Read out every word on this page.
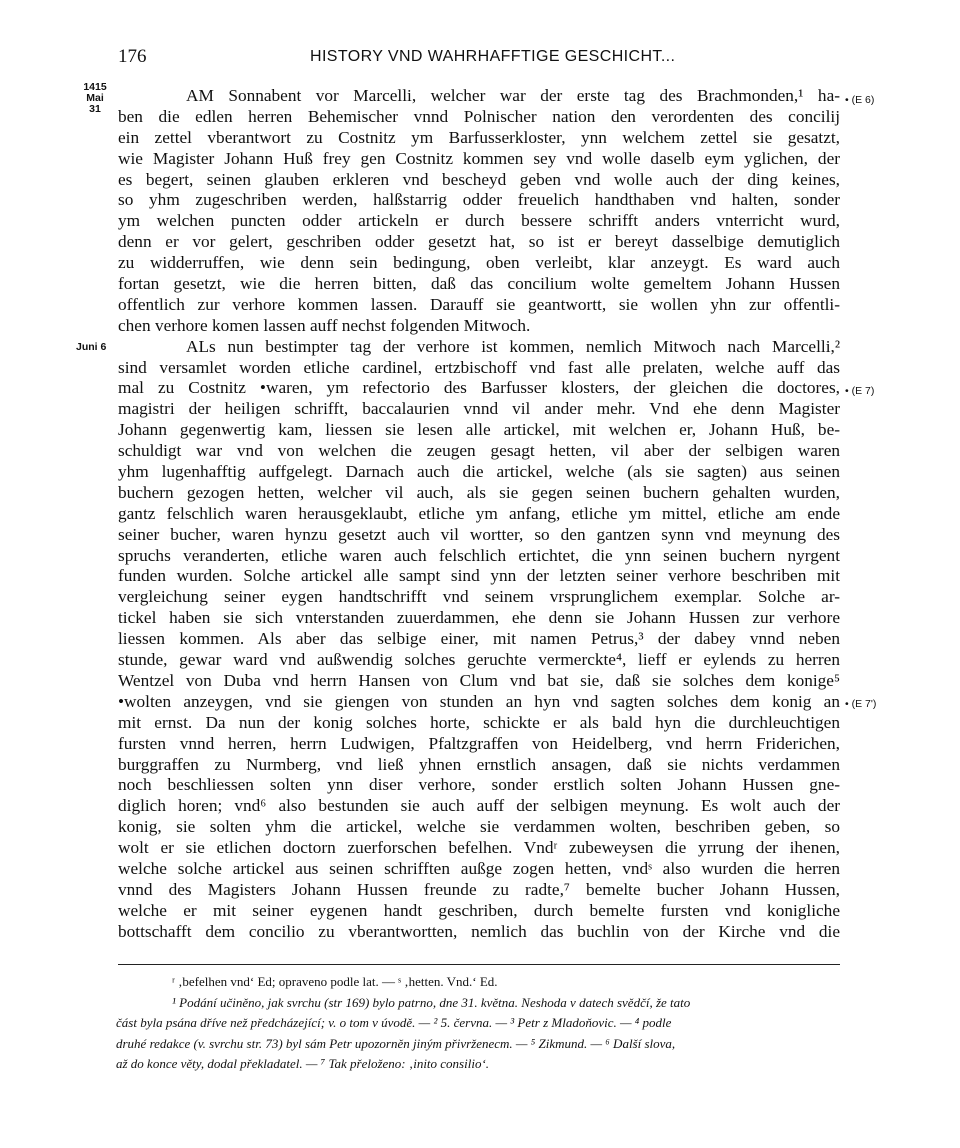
176	HISTORY VND WAHRHAFFTIGE GESCHICHT...
1415
Mai 31
Juni 6
• (E 6)
• (E 7)
• (E 7')
AM Sonnabent vor Marcelli, welcher war der erste tag des Brachmonden,¹ ha-
ben die edlen herren Behemischer vnnd Polnischer nation den verordenten des concilij
ein zettel vberantwort zu Costnitz ym Barfusserkloster, ynn welchem zettel sie gesatzt,
wie Magister Johann Huß frey gen Costnitz kommen sey vnd wolle daselb eym yglichen, der
es begert, seinen glauben erkleren vnd bescheyd geben vnd wolle auch der ding keines,
so yhm zugeschriben werden, halßstarrig odder freuelich handthaben vnd halten, sonder
ym welchen puncten odder artickeln er durch bessere schrifft anders vnterricht wurd,
denn er vor gelert, geschriben odder gesetzt hat, so ist er bereyt dasselbige demutiglich
zu widderruffen, wie denn sein bedingung, oben verleibt, klar anzeygt. Es ward auch
fortan gesetzt, wie die herren bitten, daß das concilium wolte gemeltem Johann Hussen
offentlich zur verhore kommen lassen. Darauff sie geantwortt, sie wollen yhn zur offentli-
chen verhore komen lassen auff nechst folgenden Mitwoch.
ALs nun bestimpter tag der verhore ist kommen, nemlich Mitwoch nach Marcelli,²
sind versamlet worden etliche cardinel, ertzbischoff vnd fast alle prelaten, welche auff das
mal zu Costnitz •waren, ym refectorio des Barfusser klosters, der gleichen die doctores,
magistri der heiligen schrifft, baccalaurien vnnd vil ander mehr. Vnd ehe denn Magister
Johann gegenwertig kam, liessen sie lesen alle artickel, mit welchen er, Johann Huß, be-
schuldigt war vnd von welchen die zeugen gesagt hetten, vil aber der selbigen waren
yhm lugenhafftig auffgelegt. Darnach auch die artickel, welche (als sie sagten) aus seinen
buchern gezogen hetten, welcher vil auch, als sie gegen seinen buchern gehalten wurden,
gantz felschlich waren herausgeklaubt, etliche ym anfang, etliche ym mittel, etliche am ende
seiner bucher, waren hynzu gesetzt auch vil wortter, so den gantzen synn vnd meynung des
spruchs veranderten, etliche waren auch felschlich ertichtet, die ynn seinen buchern nyrgent
funden wurden. Solche artickel alle sampt sind ynn der letzten seiner verhore beschriben mit
vergleichung seiner eygen handtschrifft vnd seinem vrsprunglichem exemplar. Solche ar-
tickel haben sie sich vnterstanden zuuerdammen, ehe denn sie Johann Hussen zur verhore
liessen kommen. Als aber das selbige einer, mit namen Petrus,³ der dabey vnnd neben
stunde, gewar ward vnd außwendig solches geruchte vermerckte⁴, lieff er eylends zu herren
Wentzel von Duba vnd herrn Hansen von Clum vnd bat sie, daß sie solches dem konige⁵
•wolten anzeygen, vnd sie giengen von stunden an hyn vnd sagten solches dem konig an
mit ernst. Da nun der konig solches horte, schickte er als bald hyn die durchleuchtigen
fursten vnnd herren, herrn Ludwigen, Pfaltzgraffen von Heidelberg, vnd herrn Friderichen,
burggraffen zu Nurmberg, vnd ließ yhnen ernstlich ansagen, daß sie nichts verdammen
noch beschliessen solten ynn diser verhore, sonder erstlich solten Johann Hussen gne-
diglich horen; vnd⁶ also bestunden sie auch auff der selbigen meynung. Es wolt auch der
konig, sie solten yhm die artickel, welche sie verdammen wolten, beschriben geben, so
wolt er sie etlichen doctorn zuerforschen befelhen. Vndʳ zubeweysen die yrrung der ihenen,
welche solche artickel aus seinen schrifften außge zogen hetten, vndˢ also wurden die herren
vnnd des Magisters Johann Hussen freunde zu radte,⁷ bemelte bucher Johann Hussen,
welche er mit seiner eygenen handt geschriben, durch bemelte fursten vnd konigliche
bottschafft dem concilio zu vberantwortten, nemlich das buchlin von der Kirche vnd die
ʳ ‚befelhen vnd‘ Ed; opraveno podle lat. — ˢ ‚hetten. Vnd.‘ Ed.
¹ Podání učiněno, jak svrchu (str 169) bylo patrno, dne 31. května. Neshoda v datech svědčí, že tato
část byla psána dříve než předcházející; v. o tom v úvodě. — ² 5. června. — ³ Petr z Mladoňovic. — ⁴ podle
druhé redakce (v. svrchu str. 73) byl sám Petr upozorněn jiným přivrženecm. — ⁵ Zikmund. — ⁶ Další slova,
až do konce věty, dodal překladatel. — ⁷ Tak přeloženo: ‚inito consilio‘.
